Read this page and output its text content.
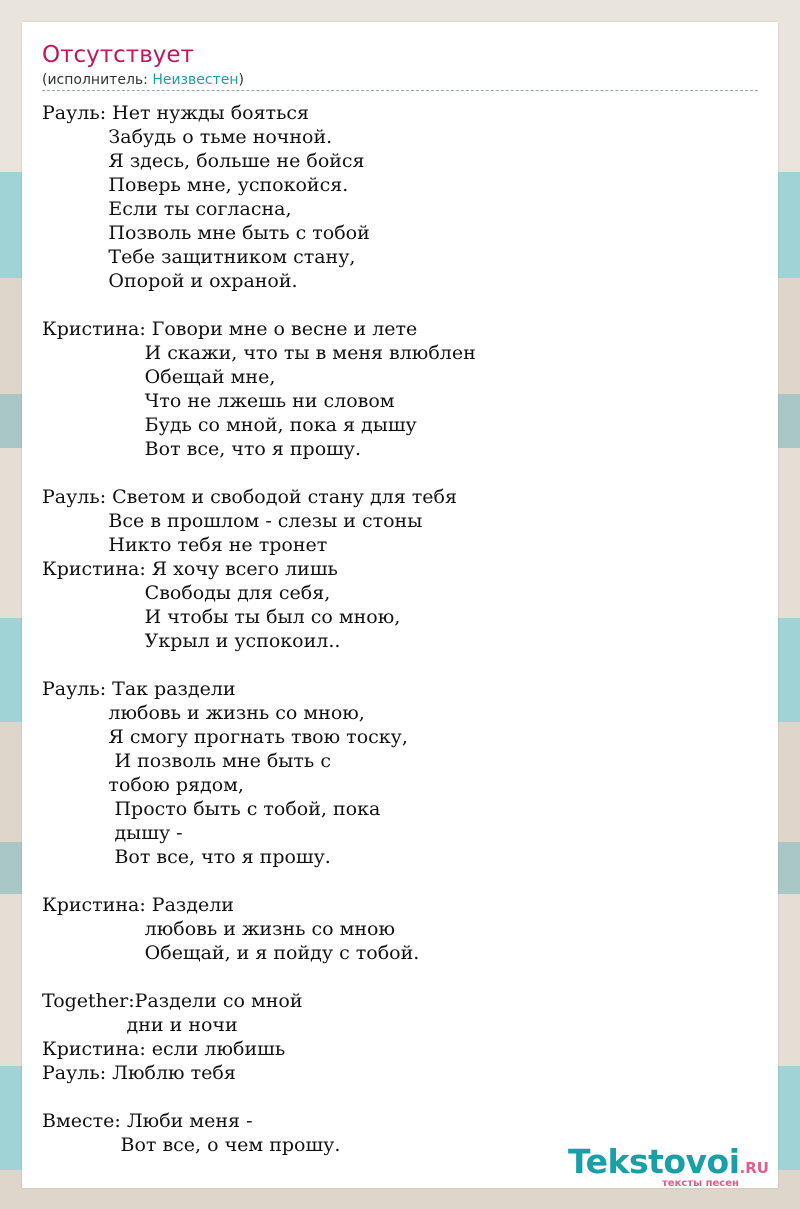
Отсутствует
(исполнитель: Неизвестен)
Рауль: Нет нужды бояться
Забудь о тьме ночной.
Я здесь, больше не бойся
Поверь мне, успокойся.
Если ты согласна,
Позволь мне быть с тобой
Тебе защитником стану,
Опорой и охраной.
Кристина: Говори мне о весне и лете
И скажи, что ты в меня влюблен
Обещай мне,
Что не лжешь ни словом
Будь со мной, пока я дышу
Вот все, что я прошу.
Рауль: Светом и свободой стану для тебя
Все в прошлом - слезы и стоны
Никто тебя не тронет
Кристина: Я хочу всего лишь
Свободы для себя,
И чтобы ты был со мною,
Укрыл и успокоил..
Рауль: Так раздели
любовь и жизнь со мною,
Я смогу прогнать твою тоску,
И позволь мне быть с
тобою рядом,
Просто быть с тобой, пока
дышу -
Вот все, что я прошу.
Кристина: Раздели
любовь и жизнь со мною
Обещай, и я пойду с тобой.
Together:Раздели со мной
дни и ночи
Кристина: если любишь
Рауль: Люблю тебя
Вместе: Люби меня -
Вот все, о чем прошу.	Tekstovoi.RU
тексты песен
